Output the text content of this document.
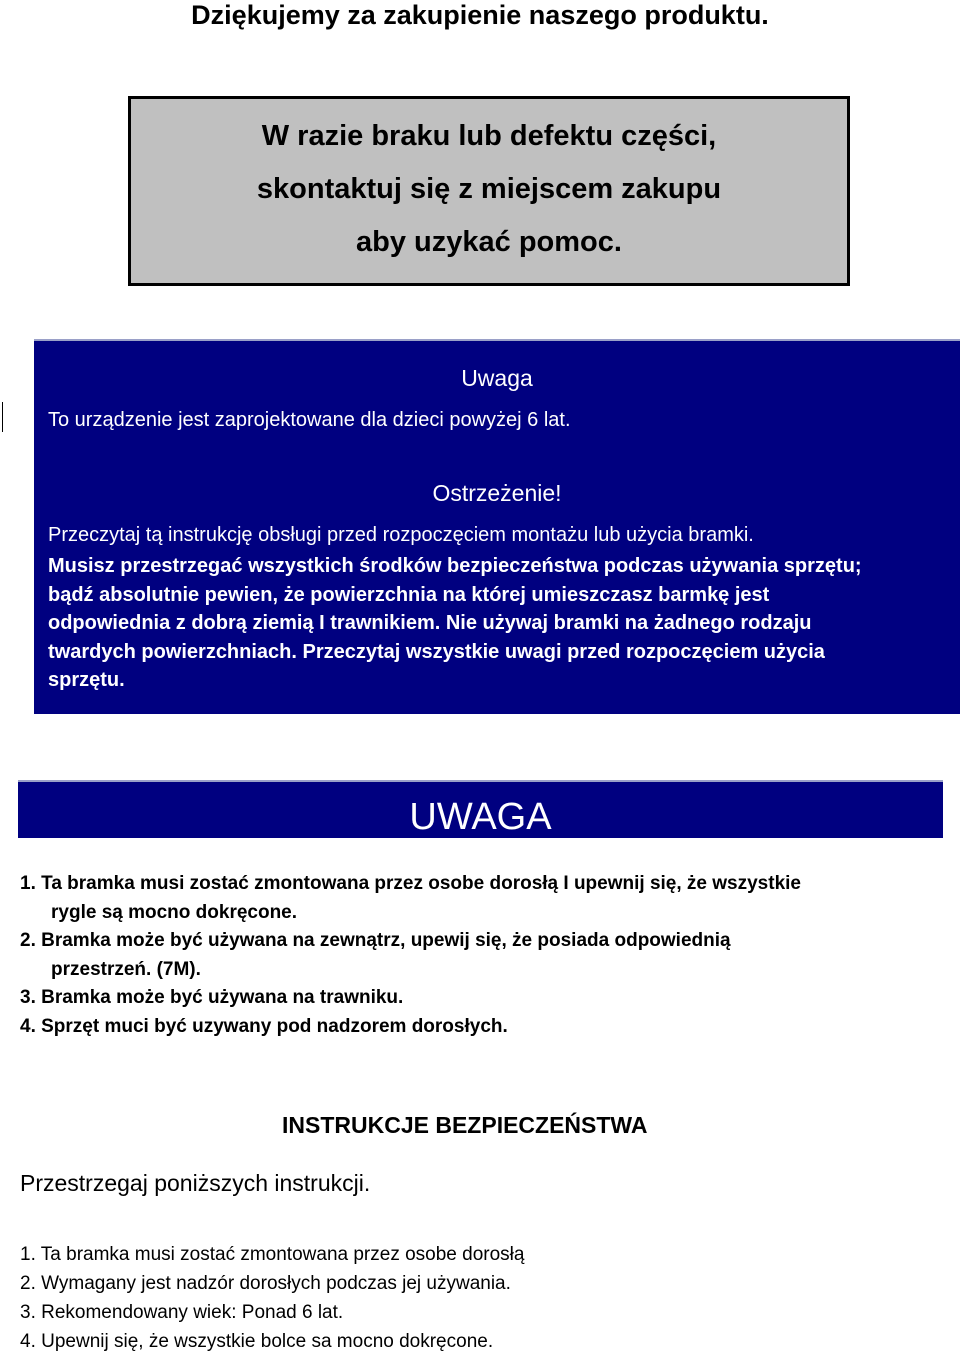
Dziękujemy za zakupienie naszego produktu.
W razie braku lub defektu części,
skontaktuj się z miejscem zakupu
aby uzykać pomoc.
Uwaga
To urządzenie jest zaprojektowane dla dzieci powyżej 6 lat.
Ostrzeżenie!
Przeczytaj tą instrukcję obsługi przed rozpoczęciem montażu lub użycia bramki.
Musisz przestrzegać wszystkich środków bezpieczeństwa podczas używania sprzętu;
bądź absolutnie pewien, że powierzchnia na której umieszczasz barmkę jest
odpowiednia z dobrą ziemią I trawnikiem. Nie używaj bramki na żadnego rodzaju
twardych powierzchniach. Przeczytaj wszystkie uwagi przed rozpoczęciem użycia
sprzętu.
UWAGA
1. Ta bramka musi zostać zmontowana przez osobe dorosłą I upewnij się, że wszystkie
rygle są mocno dokręcone.
2. Bramka może być używana na zewnątrz, upewij się, że posiada odpowiednią
przestrzeń. (7M).
3. Bramka może być używana na trawniku.
4. Sprzęt muci być uzywany pod nadzorem dorosłych.
INSTRUKCJE BEZPIECZEŃSTWA
Przestrzegaj poniższych instrukcji.
1. Ta bramka musi zostać zmontowana przez osobe dorosłą
2. Wymagany jest nadzór dorosłych podczas jej używania.
3. Rekomendowany wiek: Ponad 6 lat.
4. Upewnij się, że wszystkie bolce sa mocno dokręcone.
